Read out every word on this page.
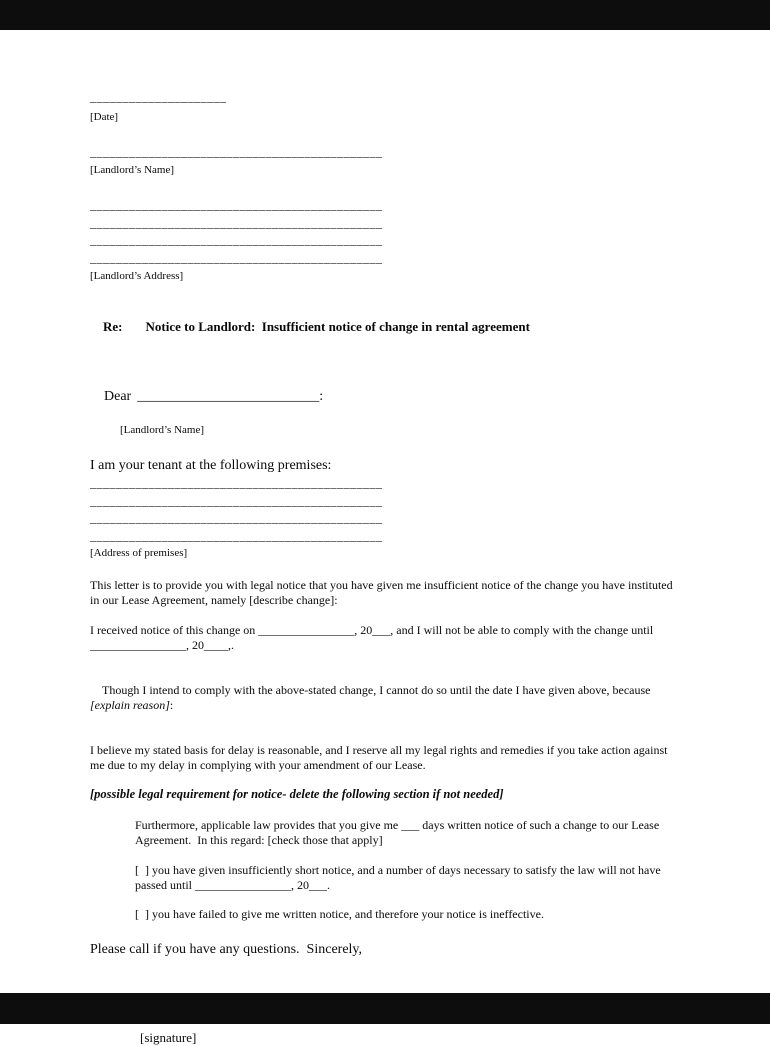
_____________________
[Date]
_____________________________________________
[Landlord’s Name]
_____________________________________________
_____________________________________________
_____________________________________________
_____________________________________________
[Landlord’s Address]

Re: Notice to Landlord:  Insufficient notice of change in rental agreement

Dear __________________________:

[Landlord’s Name]
I am your tenant at the following premises:
_____________________________________________
_____________________________________________
_____________________________________________
_____________________________________________
[Address of premises]
This letter is to provide you with legal notice that you have given me insufficient notice of the change you have instituted in our Lease Agreement, namely [describe change]:
I received notice of this change on ________________, 20___, and I will not be able to comply with the change until ________________, 20____,.

Though I intend to comply with the above-stated change, I cannot do so until the date I have given above, because [explain reason]:

I believe my stated basis for delay is reasonable, and I reserve all my legal rights and remedies if you take action against me due to my delay in complying with your amendment of our Lease.
[possible legal requirement for notice- delete the following section if not needed]
Furthermore, applicable law provides that you give me ___ days written notice of such a change to our Lease Agreement.  In this regard: [check those that apply]
[  ] you have given insufficiently short notice, and a number of days necessary to satisfy the law will not have passed until ________________, 20___.
[  ] you have failed to give me written notice, and therefore your notice is ineffective.
Please call if you have any questions.  Sincerely,

[signature]
